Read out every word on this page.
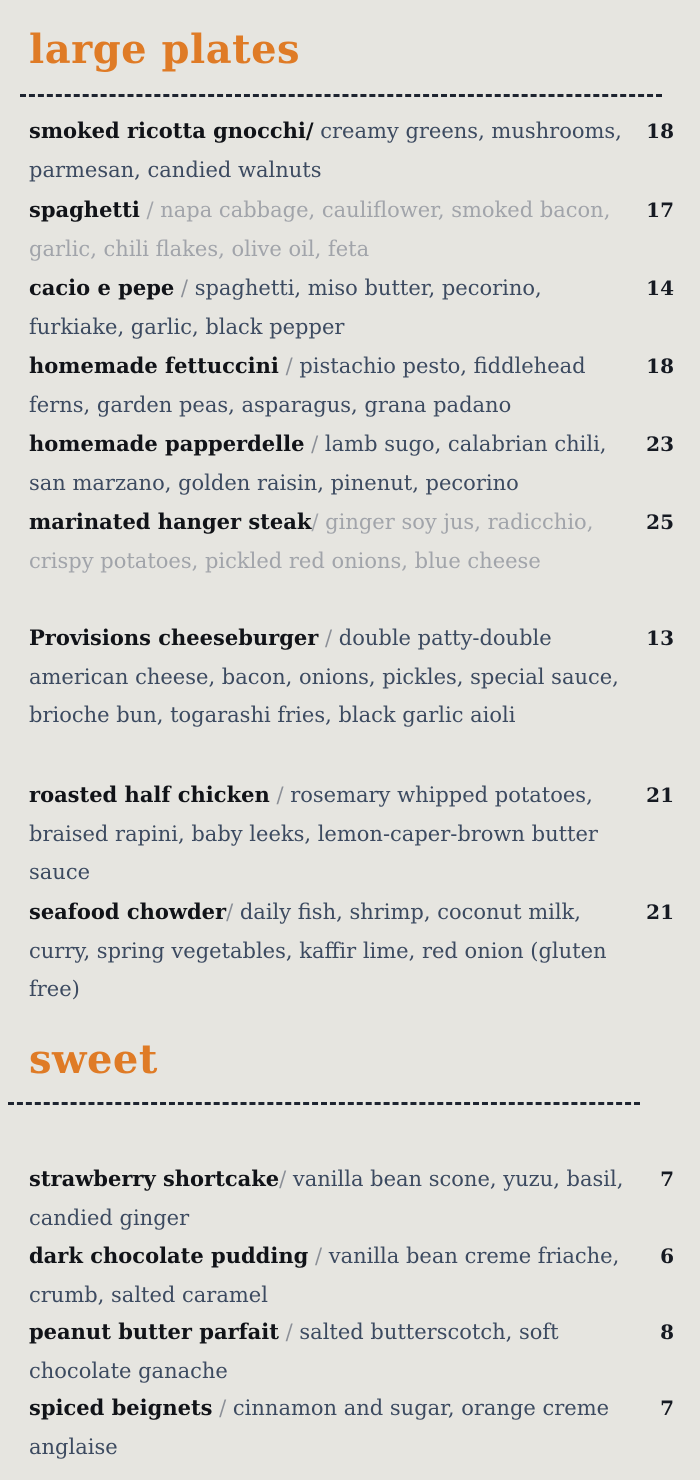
large plates
smoked ricotta gnocchi/ creamy greens, mushrooms, parmesan, candied walnuts
18
spaghetti / napa cabbage, cauliflower, smoked bacon, garlic, chili flakes, olive oil, feta
17
cacio e pepe / spaghetti, miso butter, pecorino, furkiake, garlic, black pepper
14
homemade fettuccini / pistachio pesto, fiddlehead ferns, garden peas, asparagus, grana padano
18
homemade papperdelle / lamb sugo, calabrian chili, san marzano, golden raisin, pinenut, pecorino
23
marinated hanger steak/ ginger soy jus, radicchio, crispy potatoes, pickled red onions, blue cheese
25
Provisions cheeseburger / double patty-double american cheese, bacon, onions, pickles, special sauce, brioche bun, togarashi fries, black garlic aioli
13
roasted half chicken / rosemary whipped potatoes, braised rapini, baby leeks, lemon-caper-brown butter sauce
21
seafood chowder/ daily fish, shrimp, coconut milk, curry, spring vegetables, kaffir lime, red onion (gluten free)
21
sweet
strawberry shortcake/ vanilla bean scone, yuzu, basil, candied ginger
7
dark chocolate pudding / vanilla bean creme friache, crumb, salted caramel
6
peanut butter parfait / salted butterscotch, soft chocolate ganache
8
spiced beignets / cinnamon and sugar, orange creme anglaise
7
